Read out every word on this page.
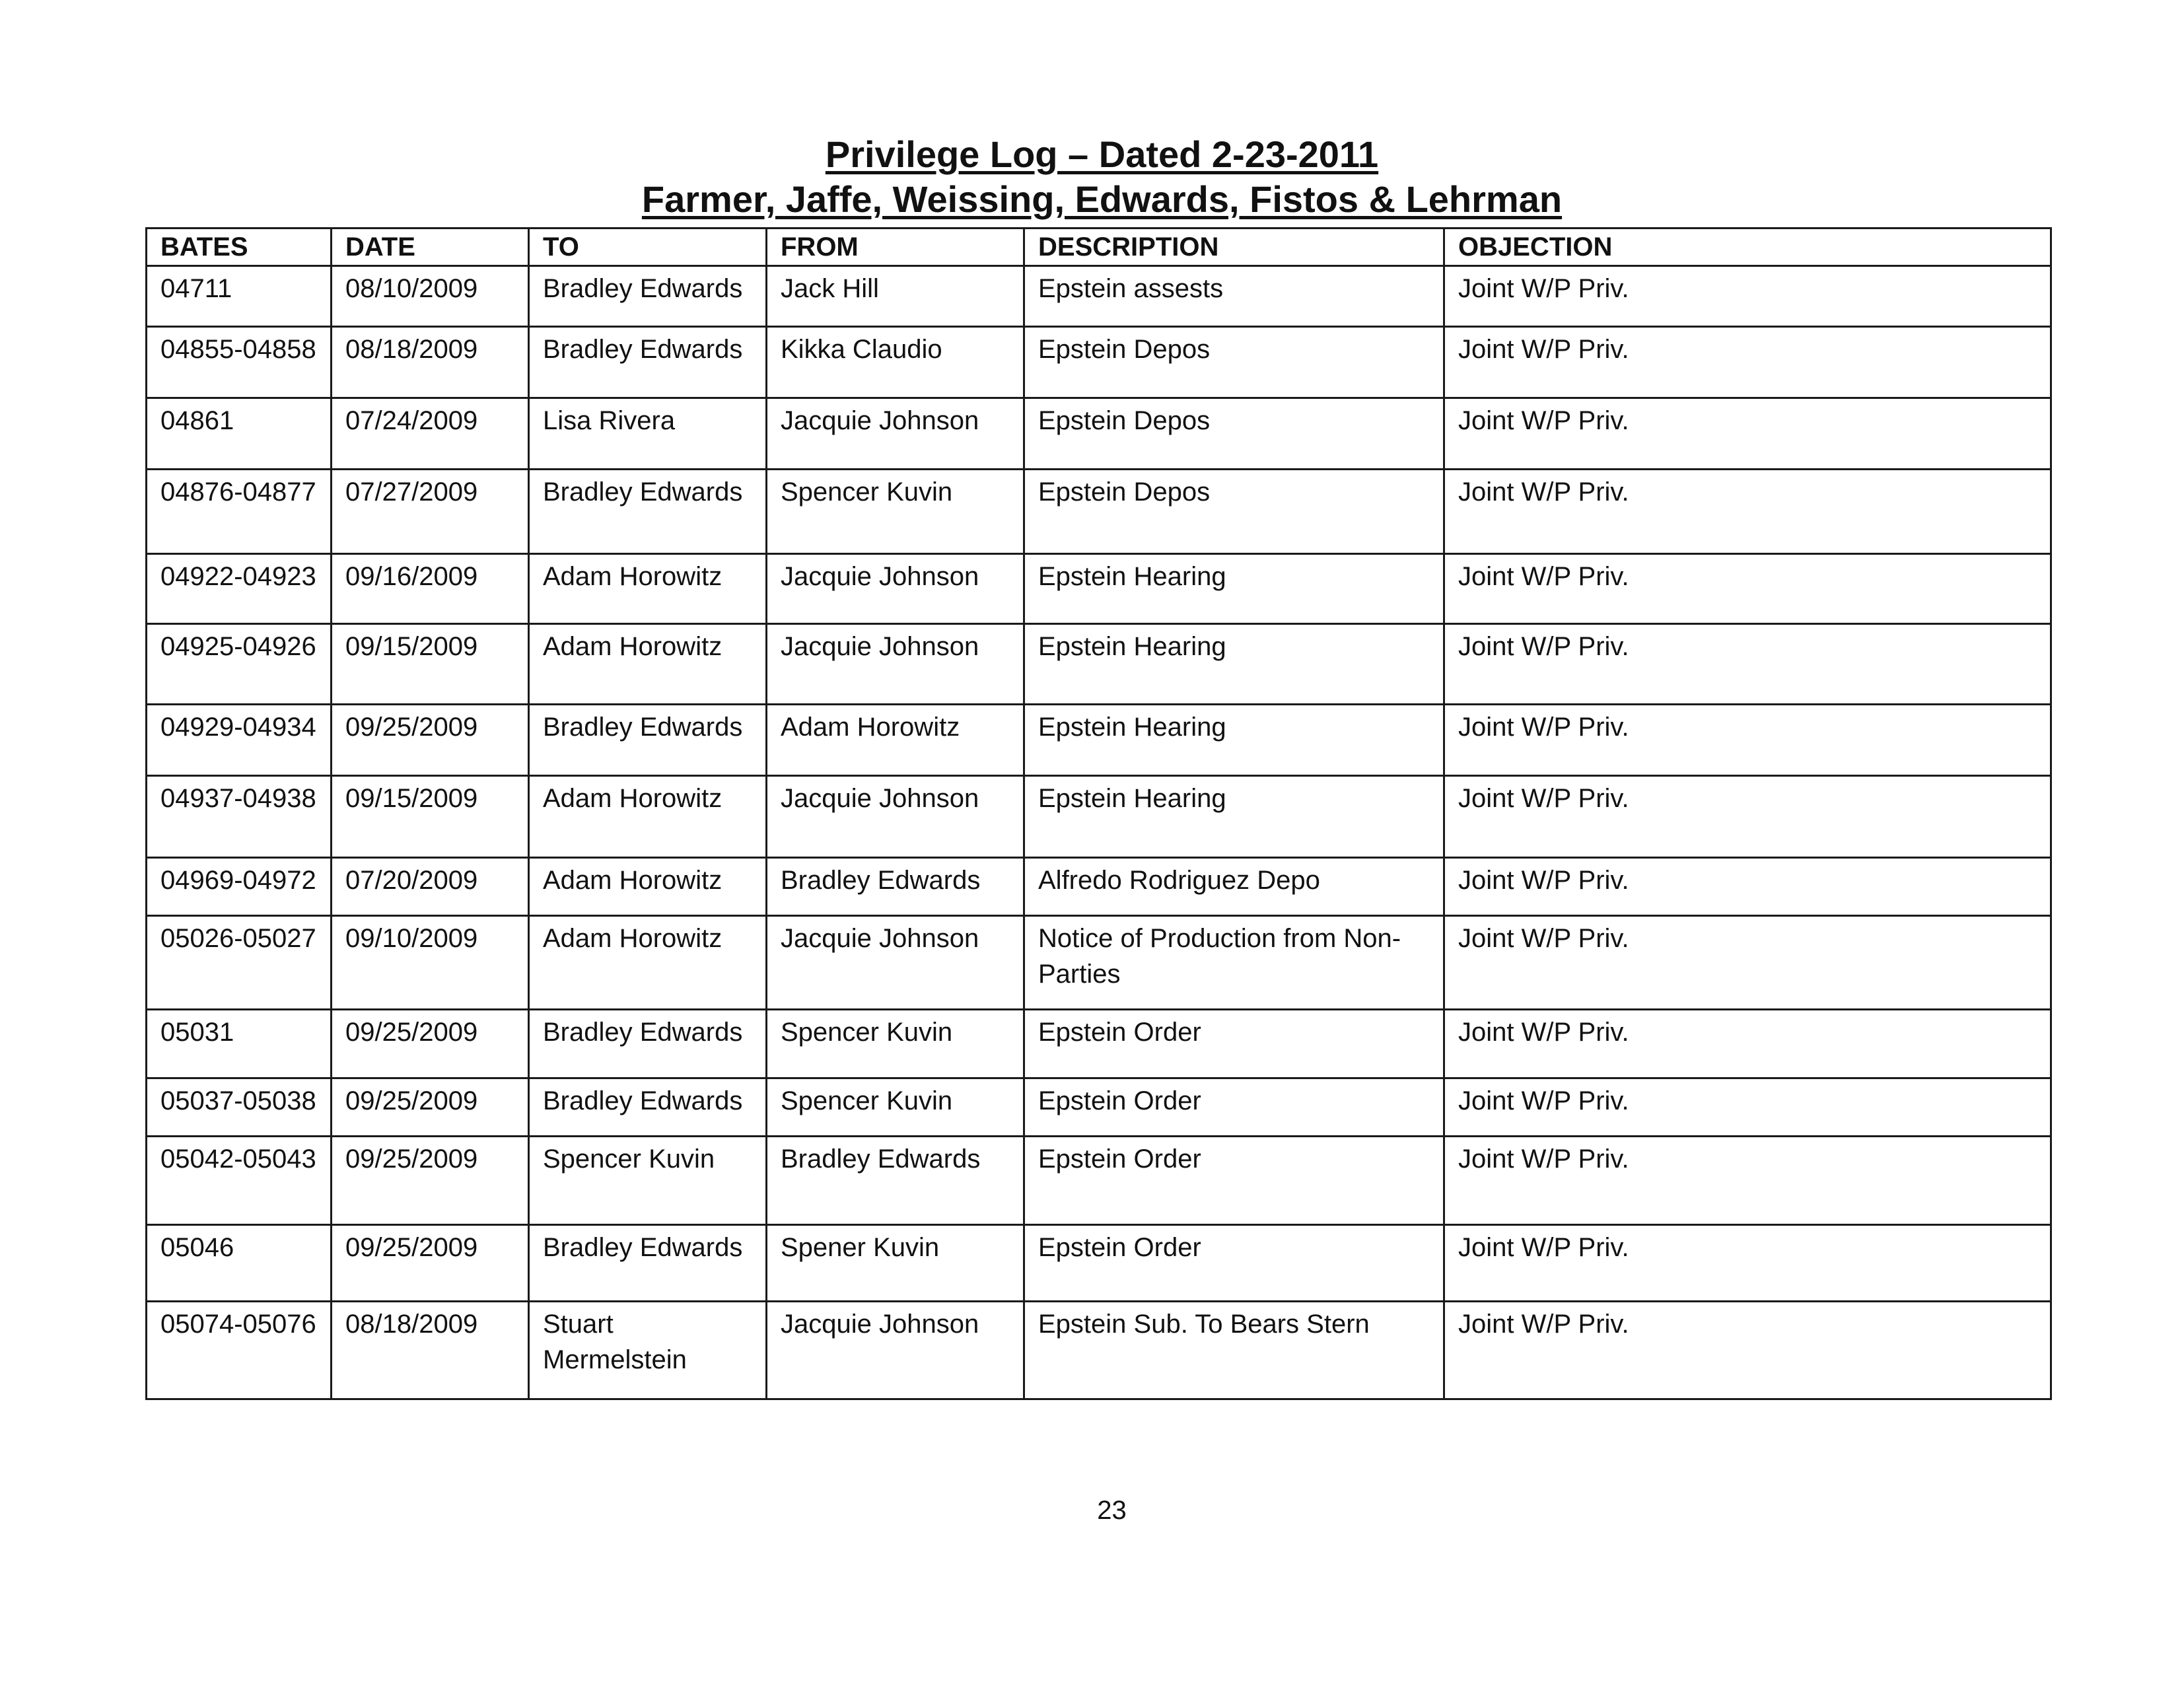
Privilege Log – Dated 2-23-2011
Farmer, Jaffe, Weissing, Edwards, Fistos & Lehrman
BATES	DATE	TO	FROM	DESCRIPTION	OBJECTION
04711	08/10/2009	Bradley Edwards	Jack Hill	Epstein assests	Joint W/P Priv.
04855-04858	08/18/2009	Bradley Edwards	Kikka Claudio	Epstein Depos	Joint W/P Priv.
04861	07/24/2009	Lisa Rivera	Jacquie Johnson	Epstein Depos	Joint W/P Priv.
04876-04877	07/27/2009	Bradley Edwards	Spencer Kuvin	Epstein Depos	Joint W/P Priv.
04922-04923	09/16/2009	Adam Horowitz	Jacquie Johnson	Epstein Hearing	Joint W/P Priv.
04925-04926	09/15/2009	Adam Horowitz	Jacquie Johnson	Epstein Hearing	Joint W/P Priv.
04929-04934	09/25/2009	Bradley Edwards	Adam Horowitz	Epstein Hearing	Joint W/P Priv.
04937-04938	09/15/2009	Adam Horowitz	Jacquie Johnson	Epstein Hearing	Joint W/P Priv.
04969-04972	07/20/2009	Adam Horowitz	Bradley Edwards	Alfredo Rodriguez Depo	Joint W/P Priv.
05026-05027	09/10/2009	Adam Horowitz	Jacquie Johnson	Notice of Production from Non-Parties	Joint W/P Priv.
05031	09/25/2009	Bradley Edwards	Spencer Kuvin	Epstein Order	Joint W/P Priv.
05037-05038	09/25/2009	Bradley Edwards	Spencer Kuvin	Epstein Order	Joint W/P Priv.
05042-05043	09/25/2009	Spencer Kuvin	Bradley Edwards	Epstein Order	Joint W/P Priv.
05046	09/25/2009	Bradley Edwards	Spener Kuvin	Epstein Order	Joint W/P Priv.
05074-05076	08/18/2009	Stuart Mermelstein	Jacquie Johnson	Epstein Sub. To Bears Stern	Joint W/P Priv.
23
